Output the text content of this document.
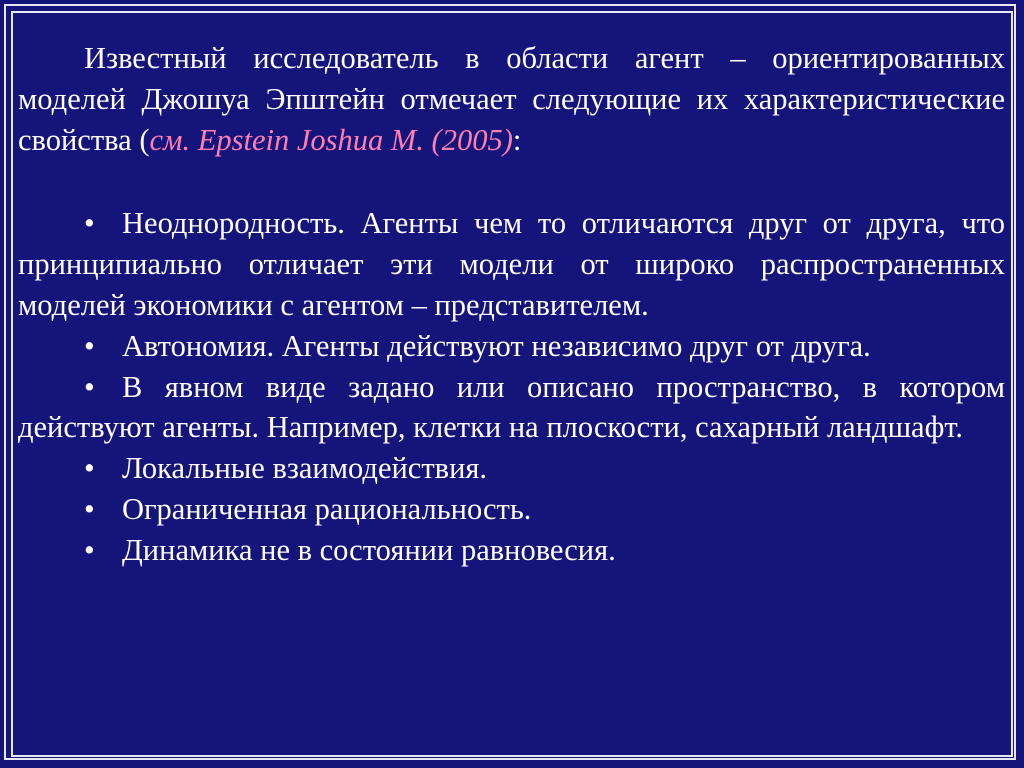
Известный исследователь в области агент – ориентированных моделей Джошуа Эпштейн отмечает следующие их характеристические свойства (см. Epstein Joshua M. (2005):

• Неоднородность. Агенты чем то отличаются друг от друга, что принципиально отличает эти модели от широко распространенных моделей экономики с агентом – представителем.

• Автономия. Агенты действуют независимо друг от друга.

• В явном виде задано или описано пространство, в котором действуют агенты. Например, клетки на плоскости, сахарный ландшафт.

• Локальные взаимодействия.

• Ограниченная рациональность.

• Динамика не в состоянии равновесия.
